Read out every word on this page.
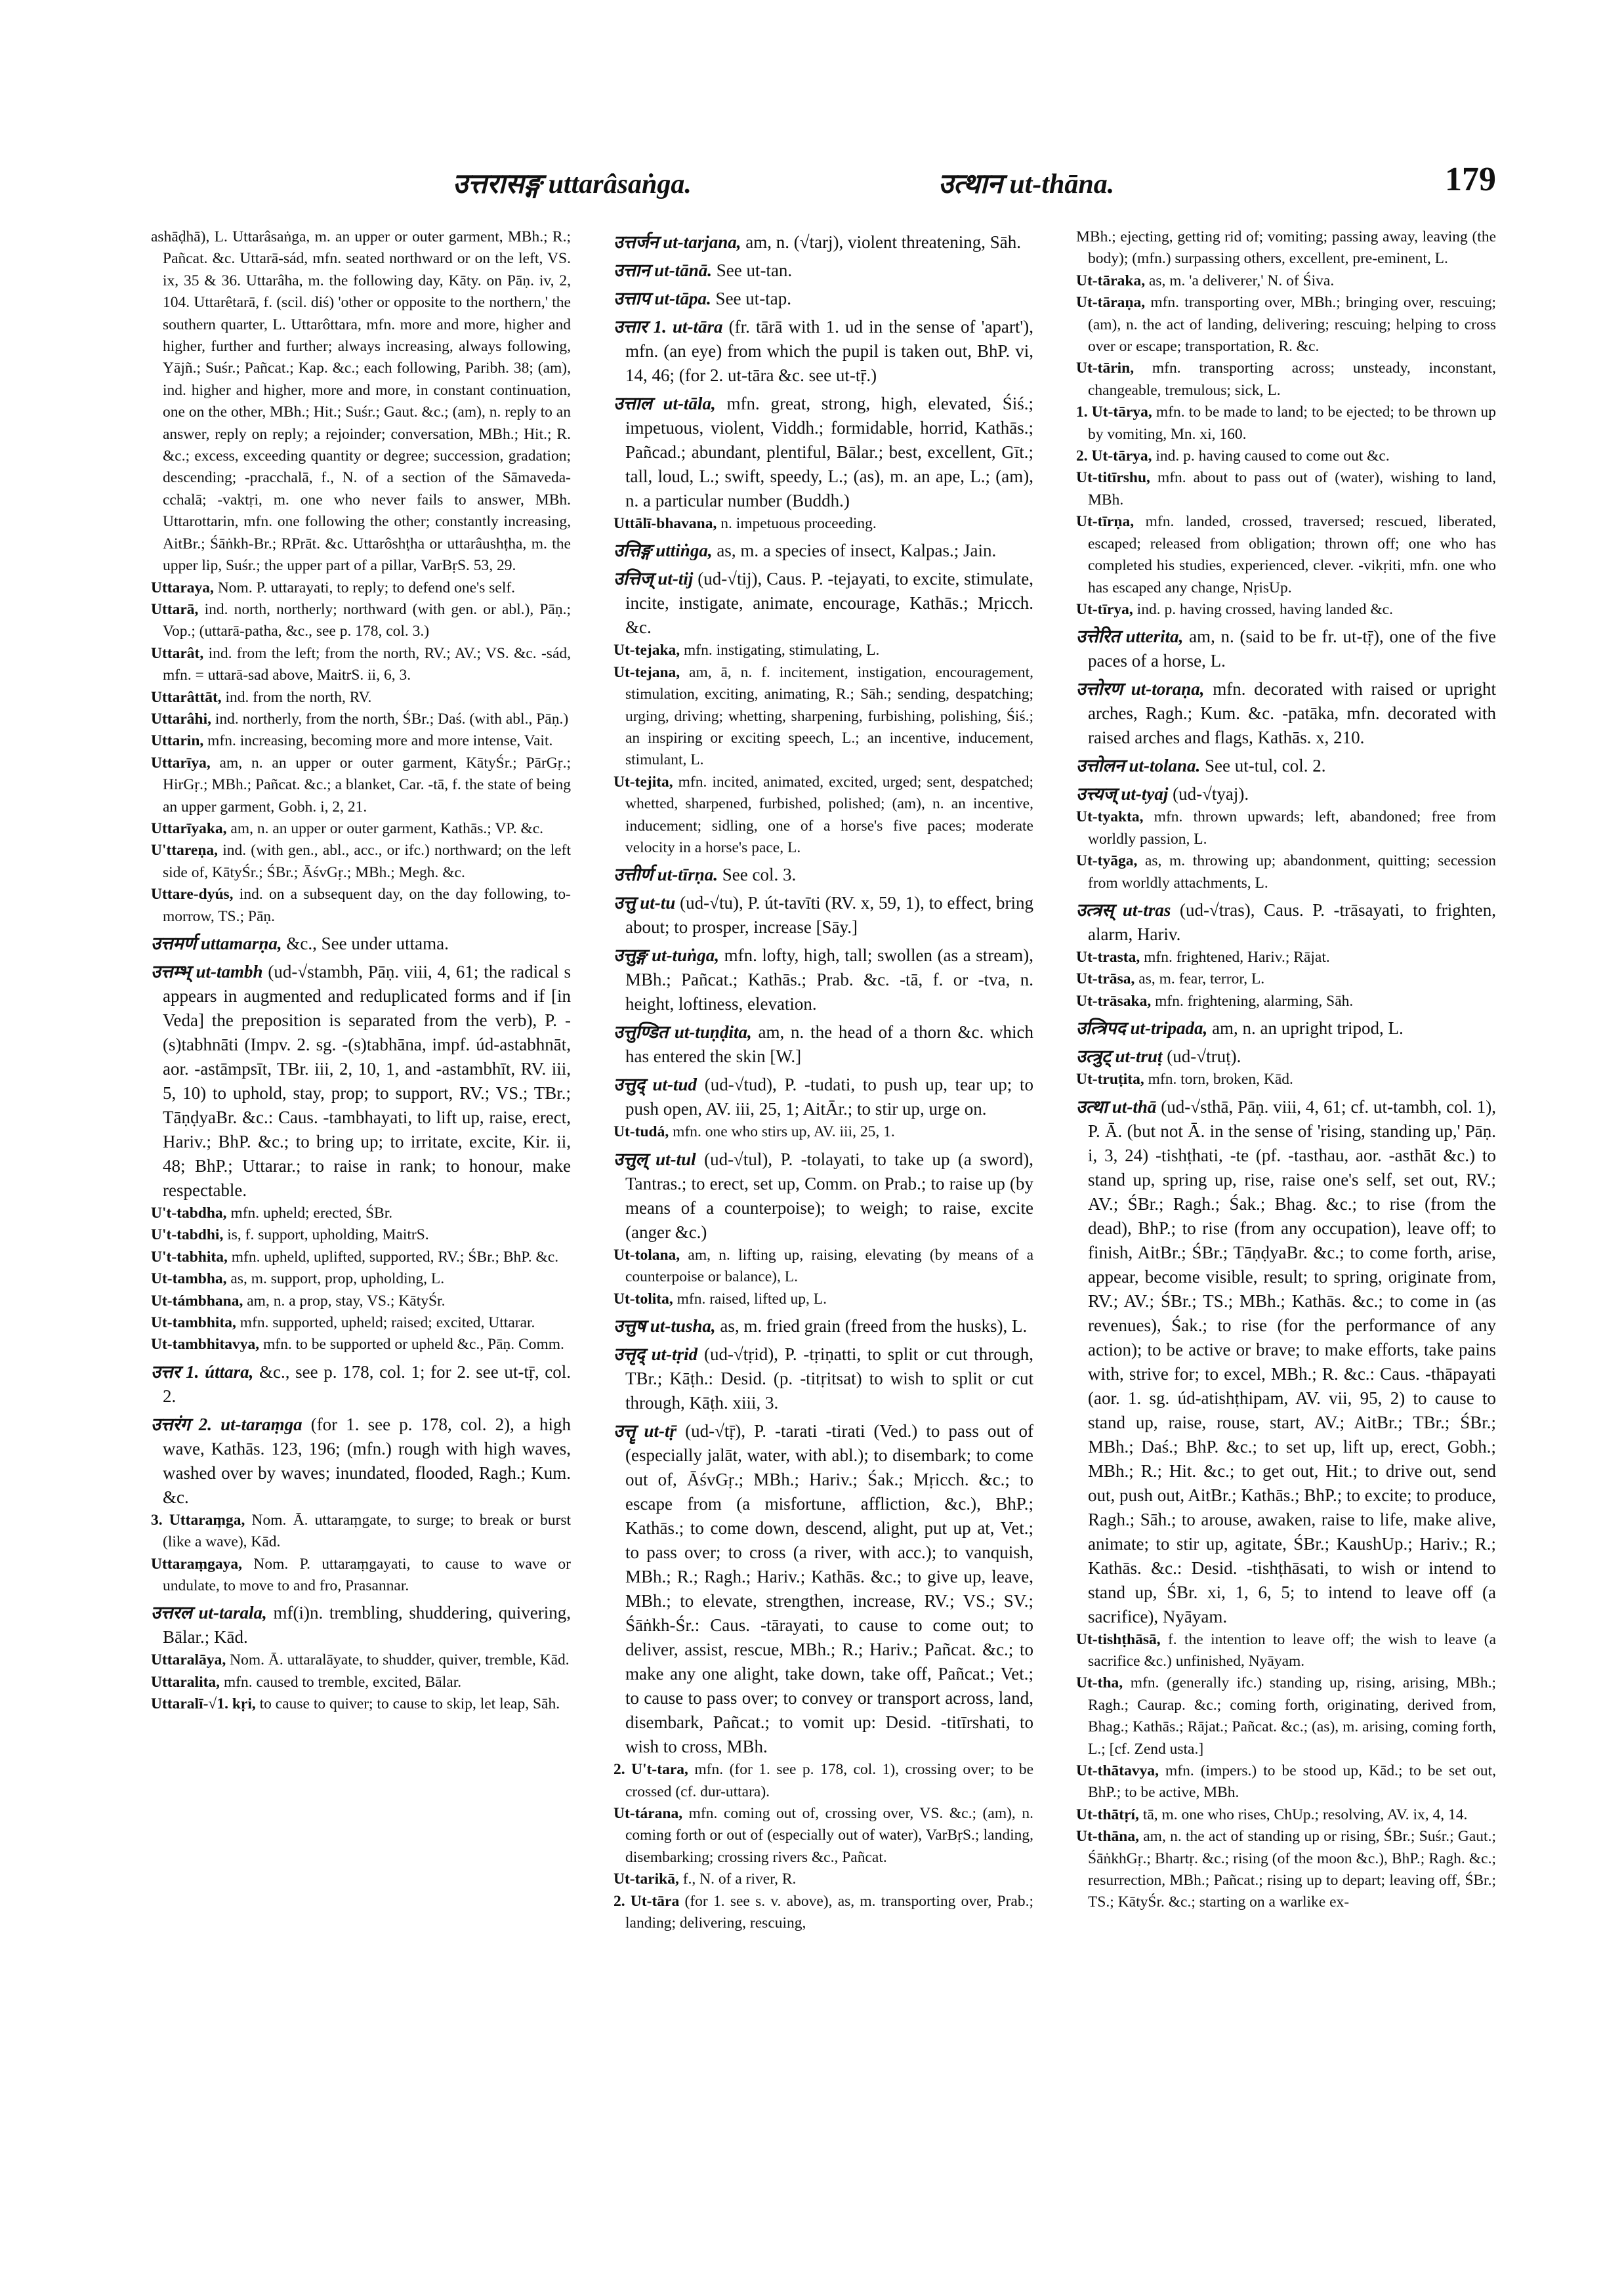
उत्तरासङ्ग uttarâsaṅga.	उत्थान ut-thāna.	179

ashāḍhā), L. Uttarâsaṅga, m. an upper or outer garment, MBh.; R.; Pañcat. &c. Uttarā-sád, mfn. seated northward or on the left, VS. ix, 35 & 36. Uttarâha, m. the following day, Kāty. on Pāṇ. iv, 2, 104. Uttarêtarā, f. (scil. diś) 'other or opposite to the northern,' the southern quarter, L. Uttarôttara, mfn. more and more, higher and higher, further and further; always increasing, always following, Yājñ.; Suśr.; Pañcat.; Kap. &c.; each following, Paribh. 38; (am), ind. higher and higher, more and more, in constant continuation, one on the other, MBh.; Hit.; Suśr.; Gaut. &c.; (am), n. reply to an answer, reply on reply; a rejoinder; conversation, MBh.; Hit.; R. &c.; excess, exceeding quantity or degree; succession, gradation; descending; -pracchalā, f., N. of a section of the Sāmaveda-cchalā; -vaktṛi, m. one who never fails to answer, MBh. Uttarottarin, mfn. one following the other; constantly increasing, AitBr.; Śāṅkh-Br.; RPrāt. &c. Uttarôshṭha or uttarâushṭha, m. the upper lip, Suśr.; the upper part of a pillar, VarBṛS. 53, 29.

Uttaraya, Nom. P. uttarayati, to reply; to defend one's self.

Uttarā, ind. north, northerly; northward (with gen. or abl.), Pāṇ.; Vop.; (uttarā-patha, &c., see p. 178, col. 3.)

Uttarât, ind. from the left; from the north, RV.; AV.; VS. &c. -sád, mfn. = uttarā-sad above, MaitrS. ii, 6, 3.

Uttarâttāt, ind. from the north, RV.

Uttarâhi, ind. northerly, from the north, ŚBr.; Daś. (with abl., Pāṇ.)

Uttarin, mfn. increasing, becoming more and more intense, Vait.

Uttarīya, am, n. an upper or outer garment, KātyŚr.; PārGṛ.; HirGṛ.; MBh.; Pañcat. &c.; a blanket, Car. -tā, f. the state of being an upper garment, Gobh. i, 2, 21.

Uttarīyaka, am, n. an upper or outer garment, Kathās.; VP. &c.

U'ttareṇa, ind. (with gen., abl., acc., or ifc.) northward; on the left side of, KātyŚr.; ŚBr.; ĀśvGṛ.; MBh.; Megh. &c.

Uttare-dyús, ind. on a subsequent day, on the day following, to-morrow, TS.; Pāṇ.

उत्तमर्ण uttamarṇa, &c., See under uttama.

उत्तम्भ् ut-tambh (ud-√stambh, Pāṇ. viii, 4, 61; the radical s appears in augmented and reduplicated forms and if [in Veda] the preposition is separated from the verb), P. -(s)tabhnāti (Impv. 2. sg. -(s)tabhāna, impf. úd-astabhnāt, aor. -astāmpsīt, TBr. iii, 2, 10, 1, and -astambhīt, RV. iii, 5, 10) to uphold, stay, prop; to support, RV.; VS.; TBr.; TāṇḍyaBr. &c.: Caus. -tambhayati, to lift up, raise, erect, Hariv.; BhP. &c.; to bring up; to irritate, excite, Kir. ii, 48; BhP.; Uttarar.; to raise in rank; to honour, make respectable.

U't-tabdha, mfn. upheld; erected, ŚBr.

U't-tabdhi, is, f. support, upholding, MaitrS.

U't-tabhita, mfn. upheld, uplifted, supported, RV.; ŚBr.; BhP. &c.

Ut-tambha, as, m. support, prop, upholding, L.

Ut-támbhana, am, n. a prop, stay, VS.; KātyŚr.

Ut-tambhita, mfn. supported, upheld; raised; excited, Uttarar.

Ut-tambhitavya, mfn. to be supported or upheld &c., Pāṇ. Comm.

उत्तर 1. úttara, &c., see p. 178, col. 1; for 2. see ut-tṝ, col. 2.

उत्तरंग 2. ut-taraṃga (for 1. see p. 178, col. 2), a high wave, Kathās. 123, 196; (mfn.) rough with high waves, washed over by waves; inundated, flooded, Ragh.; Kum. &c.

3. Uttaraṃga, Nom. Ā. uttaraṃgate, to surge; to break or burst (like a wave), Kād.

Uttaraṃgaya, Nom. P. uttaraṃgayati, to cause to wave or undulate, to move to and fro, Prasannar.

उत्तरल ut-tarala, mf(i)n. trembling, shuddering, quivering, Bālar.; Kād.

Uttaralāya, Nom. Ā. uttaralāyate, to shudder, quiver, tremble, Kād.

Uttaralita, mfn. caused to tremble, excited, Bālar.

Uttaralī-√1. kṛi, to cause to quiver; to cause to skip, let leap, Sāh.

उत्तर्जन ut-tarjana, am, n. (√tarj), violent threatening, Sāh.

उत्तान ut-tānā. See ut-tan.

उत्ताप ut-tāpa. See ut-tap.

उत्तार 1. ut-tāra (fr. tārā with 1. ud in the sense of 'apart'), mfn. (an eye) from which the pupil is taken out, BhP. vi, 14, 46; (for 2. ut-tāra &c. see ut-tṝ.)

उत्ताल ut-tāla, mfn. great, strong, high, elevated, Śiś.; impetuous, violent, Viddh.; formidable, horrid, Kathās.; Pañcad.; abundant, plentiful, Bālar.; best, excellent, Gīt.; tall, loud, L.; swift, speedy, L.; (as), m. an ape, L.; (am), n. a particular number (Buddh.)

Uttālī-bhavana, n. impetuous proceeding.

उत्तिङ्ग uttiṅga, as, m. a species of insect, Kalpas.; Jain.

उत्तिज् ut-tij (ud-√tij), Caus. P. -tejayati, to excite, stimulate, incite, instigate, animate, encourage, Kathās.; Mṛicch. &c.

Ut-tejaka, mfn. instigating, stimulating, L.

Ut-tejana, am, ā, n. f. incitement, instigation, encouragement, stimulation, exciting, animating, R.; Sāh.; sending, despatching; urging, driving; whetting, sharpening, furbishing, polishing, Śiś.; an inspiring or exciting speech, L.; an incentive, inducement, stimulant, L.

Ut-tejita, mfn. incited, animated, excited, urged; sent, despatched; whetted, sharpened, furbished, polished; (am), n. an incentive, inducement; sidling, one of a horse's five paces; moderate velocity in a horse's pace, L.

उत्तीर्ण ut-tīrṇa. See col. 3.

उत्तु ut-tu (ud-√tu), P. út-tavīti (RV. x, 59, 1), to effect, bring about; to prosper, increase [Sāy.]

उत्तुङ्ग ut-tuṅga, mfn. lofty, high, tall; swollen (as a stream), MBh.; Pañcat.; Kathās.; Prab. &c. -tā, f. or -tva, n. height, loftiness, elevation.

उत्तुण्डित ut-tuṇḍita, am, n. the head of a thorn &c. which has entered the skin [W.]

उत्तुद् ut-tud (ud-√tud), P. -tudati, to push up, tear up; to push open, AV. iii, 25, 1; AitĀr.; to stir up, urge on.

Ut-tudá, mfn. one who stirs up, AV. iii, 25, 1.

उत्तुल् ut-tul (ud-√tul), P. -tolayati, to take up (a sword), Tantras.; to erect, set up, Comm. on Prab.; to raise up (by means of a counterpoise); to weigh; to raise, excite (anger &c.)

Ut-tolana, am, n. lifting up, raising, elevating (by means of a counterpoise or balance), L.

Ut-tolita, mfn. raised, lifted up, L.

उत्तुष ut-tusha, as, m. fried grain (freed from the husks), L.

उत्तृद् ut-tṛid (ud-√tṛid), P. -tṛiṇatti, to split or cut through, TBr.; Kāṭh.: Desid. (p. -titṛitsat) to wish to split or cut through, Kāṭh. xiii, 3.

उत्तॄ ut-tṝ (ud-√tṝ), P. -tarati -tirati (Ved.) to pass out of (especially jalāt, water, with abl.); to disembark; to come out of, ĀśvGṛ.; MBh.; Hariv.; Śak.; Mṛicch. &c.; to escape from (a misfortune, affliction, &c.), BhP.; Kathās.; to come down, descend, alight, put up at, Vet.; to pass over; to cross (a river, with acc.); to vanquish, MBh.; R.; Ragh.; Hariv.; Kathās. &c.; to give up, leave, MBh.; to elevate, strengthen, increase, RV.; VS.; SV.; Śāṅkh-Śr.: Caus. -tārayati, to cause to come out; to deliver, assist, rescue, MBh.; R.; Hariv.; Pañcat. &c.; to make any one alight, take down, take off, Pañcat.; Vet.; to cause to pass over; to convey or transport across, land, disembark, Pañcat.; to vomit up: Desid. -titīrshati, to wish to cross, MBh.

2. U't-tara, mfn. (for 1. see p. 178, col. 1), crossing over; to be crossed (cf. dur-uttara).

Ut-tárana, mfn. coming out of, crossing over, VS. &c.; (am), n. coming forth or out of (especially out of water), VarBṛS.; landing, disembarking; crossing rivers &c., Pañcat.

Ut-tarikā, f., N. of a river, R.

2. Ut-tāra (for 1. see s. v. above), as, m. transporting over, Prab.; landing; delivering, rescuing,

MBh.; ejecting, getting rid of; vomiting; passing away, leaving (the body); (mfn.) surpassing others, excellent, pre-eminent, L.

Ut-tāraka, as, m. 'a deliverer,' N. of Śiva.

Ut-tāraṇa, mfn. transporting over, MBh.; bringing over, rescuing; (am), n. the act of landing, delivering; rescuing; helping to cross over or escape; transportation, R. &c.

Ut-tārin, mfn. transporting across; unsteady, inconstant, changeable, tremulous; sick, L.

1. Ut-tārya, mfn. to be made to land; to be ejected; to be thrown up by vomiting, Mn. xi, 160.

2. Ut-tārya, ind. p. having caused to come out &c.

Ut-titīrshu, mfn. about to pass out of (water), wishing to land, MBh.

Ut-tīrṇa, mfn. landed, crossed, traversed; rescued, liberated, escaped; released from obligation; thrown off; one who has completed his studies, experienced, clever. -vikṛiti, mfn. one who has escaped any change, NṛisUp.

Ut-tīrya, ind. p. having crossed, having landed &c.

उत्तेरित utterita, am, n. (said to be fr. ut-tṝ), one of the five paces of a horse, L.

उत्तोरण ut-toraṇa, mfn. decorated with raised or upright arches, Ragh.; Kum. &c. -patāka, mfn. decorated with raised arches and flags, Kathās. x, 210.

उत्तोलन ut-tolana. See ut-tul, col. 2.

उत्त्यज् ut-tyaj (ud-√tyaj).

Ut-tyakta, mfn. thrown upwards; left, abandoned; free from worldly passion, L.

Ut-tyāga, as, m. throwing up; abandonment, quitting; secession from worldly attachments, L.

उत्त्रस् ut-tras (ud-√tras), Caus. P. -trāsayati, to frighten, alarm, Hariv.

Ut-trasta, mfn. frightened, Hariv.; Rājat.

Ut-trāsa, as, m. fear, terror, L.

Ut-trāsaka, mfn. frightening, alarming, Sāh.

उत्त्रिपद ut-tripada, am, n. an upright tripod, L.

उत्त्रुट् ut-truṭ (ud-√truṭ).

Ut-truṭita, mfn. torn, broken, Kād.

उत्था ut-thā (ud-√sthā, Pāṇ. viii, 4, 61; cf. ut-tambh, col. 1), P. Ā. (but not Ā. in the sense of 'rising, standing up,' Pāṇ. i, 3, 24) -tishṭhati, -te (pf. -tasthau, aor. -asthāt &c.) to stand up, spring up, rise, raise one's self, set out, RV.; AV.; ŚBr.; Ragh.; Śak.; Bhag. &c.; to rise (from the dead), BhP.; to rise (from any occupation), leave off; to finish, AitBr.; ŚBr.; TāṇḍyaBr. &c.; to come forth, arise, appear, become visible, result; to spring, originate from, RV.; AV.; ŚBr.; TS.; MBh.; Kathās. &c.; to come in (as revenues), Śak.; to rise (for the performance of any action); to be active or brave; to make efforts, take pains with, strive for; to excel, MBh.; R. &c.: Caus. -thāpayati (aor. 1. sg. úd-atishṭhipam, AV. vii, 95, 2) to cause to stand up, raise, rouse, start, AV.; AitBr.; TBr.; ŚBr.; MBh.; Daś.; BhP. &c.; to set up, lift up, erect, Gobh.; MBh.; R.; Hit. &c.; to get out, Hit.; to drive out, send out, push out, AitBr.; Kathās.; BhP.; to excite; to produce, Ragh.; Sāh.; to arouse, awaken, raise to life, make alive, animate; to stir up, agitate, ŚBr.; KaushUp.; Hariv.; R.; Kathās. &c.: Desid. -tishṭhāsati, to wish or intend to stand up, ŚBr. xi, 1, 6, 5; to intend to leave off (a sacrifice), Nyāyam.

Ut-tishṭhāsā, f. the intention to leave off; the wish to leave (a sacrifice &c.) unfinished, Nyāyam.

Ut-tha, mfn. (generally ifc.) standing up, rising, arising, MBh.; Ragh.; Caurap. &c.; coming forth, originating, derived from, Bhag.; Kathās.; Rājat.; Pañcat. &c.; (as), m. arising, coming forth, L.; [cf. Zend usta.]

Ut-thātavya, mfn. (impers.) to be stood up, Kād.; to be set out, BhP.; to be active, MBh.

Ut-thātṛí, tā, m. one who rises, ChUp.; resolving, AV. ix, 4, 14.

Ut-thāna, am, n. the act of standing up or rising, ŚBr.; Suśr.; Gaut.; ŚāṅkhGṛ.; Bhartṛ. &c.; rising (of the moon &c.), BhP.; Ragh. &c.; resurrection, MBh.; Pañcat.; rising up to depart; leaving off, ŚBr.; TS.; KātyŚr. &c.; starting on a warlike ex-
